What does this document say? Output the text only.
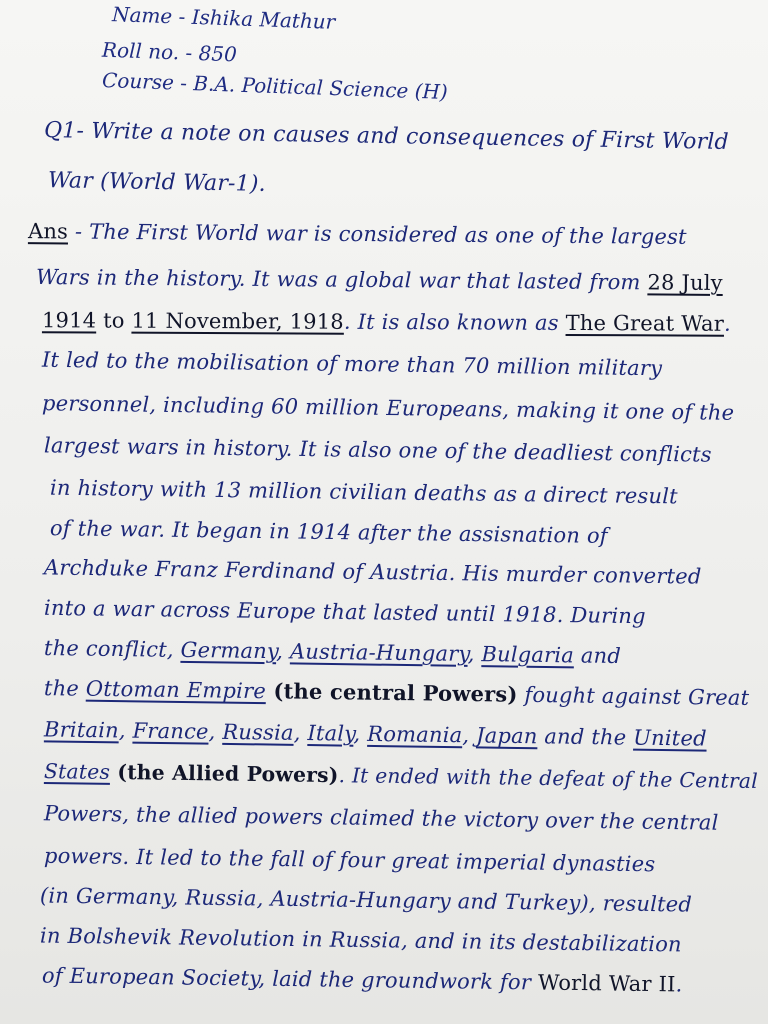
Name - Ishika Mathur
Roll no. - 850
Course - B.A. Political Science (H)
Q1- Write a note on causes and consequences of First World
War (World War-1).
Ans - The First World war is considered as one of the largest
Wars in the history. It was a global war that lasted from 28 July
1914 to 11 November, 1918. It is also known as The Great War.
It led to the mobilisation of more than 70 million military
personnel, including 60 million Europeans, making it one of the
largest wars in history. It is also one of the deadliest conflicts
in history with 13 million civilian deaths as a direct result
of the war. It began in 1914 after the assisnation of
Archduke Franz Ferdinand of Austria. His murder converted
into a war across Europe that lasted until 1918. During
the conflict, Germany, Austria-Hungary, Bulgaria and
the Ottoman Empire (the central Powers) fought against Great
Britain, France, Russia, Italy, Romania, Japan and the United
States (the Allied Powers). It ended with the defeat of the Central
Powers, the allied powers claimed the victory over the central
powers. It led to the fall of four great imperial dynasties
(in Germany, Russia, Austria-Hungary and Turkey), resulted
in Bolshevik Revolution in Russia, and in its destabilization
of European Society, laid the groundwork for World War II.
